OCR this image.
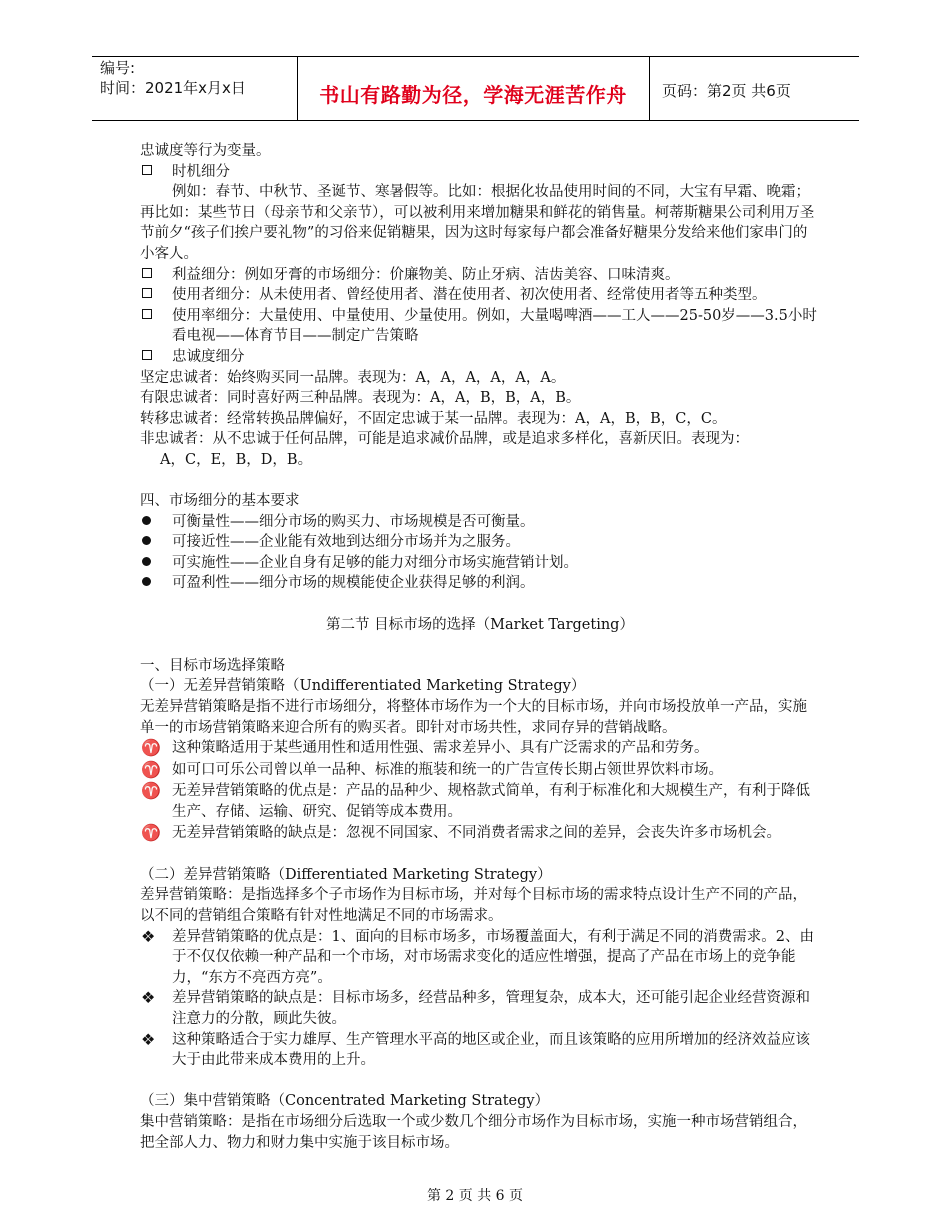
编号:
时间：2021年x月x日	书山有路勤为径，学海无涯苦作舟	页码：第2页 共6页

忠诚度等行为变量。

时机细分

例如：春节、中秋节、圣诞节、寒暑假等。比如：根据化妆品使用时间的不同，大宝有早霜、晚霜；再比如：某些节日（母亲节和父亲节），可以被利用来增加糖果和鲜花的销售量。柯蒂斯糖果公司利用万圣节前夕“孩子们挨户要礼物”的习俗来促销糖果，因为这时每家每户都会准备好糖果分发给来他们家串门的小客人。

利益细分：例如牙膏的市场细分：价廉物美、防止牙病、洁齿美容、口味清爽。
使用者细分：从未使用者、曾经使用者、潜在使用者、初次使用者、经常使用者等五种类型。
使用率细分：大量使用、中量使用、少量使用。例如，大量喝啤酒——工人——25-50岁——3.5小时看电视——体育节目——制定广告策略
忠诚度细分

坚定忠诚者：始终购买同一品牌。表现为：A，A，A，A，A，A。

有限忠诚者：同时喜好两三种品牌。表现为：A，A，B，B，A，B。

转移忠诚者：经常转换品牌偏好，不固定忠诚于某一品牌。表现为：A，A，B，B，C，C。

非忠诚者：从不忠诚于任何品牌，可能是追求减价品牌，或是追求多样化，喜新厌旧。表现为：

A，C，E，B，D，B。

四、市场细分的基本要求

可衡量性——细分市场的购买力、市场规模是否可衡量。
可接近性——企业能有效地到达细分市场并为之服务。
可实施性——企业自身有足够的能力对细分市场实施营销计划。
可盈利性——细分市场的规模能使企业获得足够的利润。

第二节 目标市场的选择（Market Targeting）

一、目标市场选择策略

（一）无差异营销策略（Undifferentiated Marketing Strategy）

无差异营销策略是指不进行市场细分，将整体市场作为一个大的目标市场，并向市场投放单一产品，实施单一的市场营销策略来迎合所有的购买者。即针对市场共性，求同存异的营销战略。

♈ 这种策略适用于某些通用性和适用性强、需求差异小、具有广泛需求的产品和劳务。
♈ 如可口可乐公司曾以单一品种、标准的瓶装和统一的广告宣传长期占领世界饮料市场。
♈ 无差异营销策略的优点是：产品的品种少、规格款式简单，有利于标准化和大规模生产，有利于降低生产、存储、运输、研究、促销等成本费用。
♈ 无差异营销策略的缺点是：忽视不同国家、不同消费者需求之间的差异，会丧失许多市场机会。

（二）差异营销策略（Differentiated Marketing Strategy）

差异营销策略：是指选择多个子市场作为目标市场，并对每个目标市场的需求特点设计生产不同的产品，以不同的营销组合策略有针对性地满足不同的市场需求。

❖	差异营销策略的优点是：1、面向的目标市场多，市场覆盖面大，有利于满足不同的消费需求。2、由于不仅仅依赖一种产品和一个市场，对市场需求变化的适应性增强，提高了产品在市场上的竞争能力，“东方不亮西方亮”。
❖	差异营销策略的缺点是：目标市场多，经营品种多，管理复杂，成本大，还可能引起企业经营资源和注意力的分散，顾此失彼。
❖	这种策略适合于实力雄厚、生产管理水平高的地区或企业，而且该策略的应用所增加的经济效益应该大于由此带来成本费用的上升。

（三）集中营销策略（Concentrated Marketing Strategy）

集中营销策略：是指在市场细分后选取一个或少数几个细分市场作为目标市场，实施一种市场营销组合，把全部人力、物力和财力集中实施于该目标市场。

第 2 页 共 6 页
